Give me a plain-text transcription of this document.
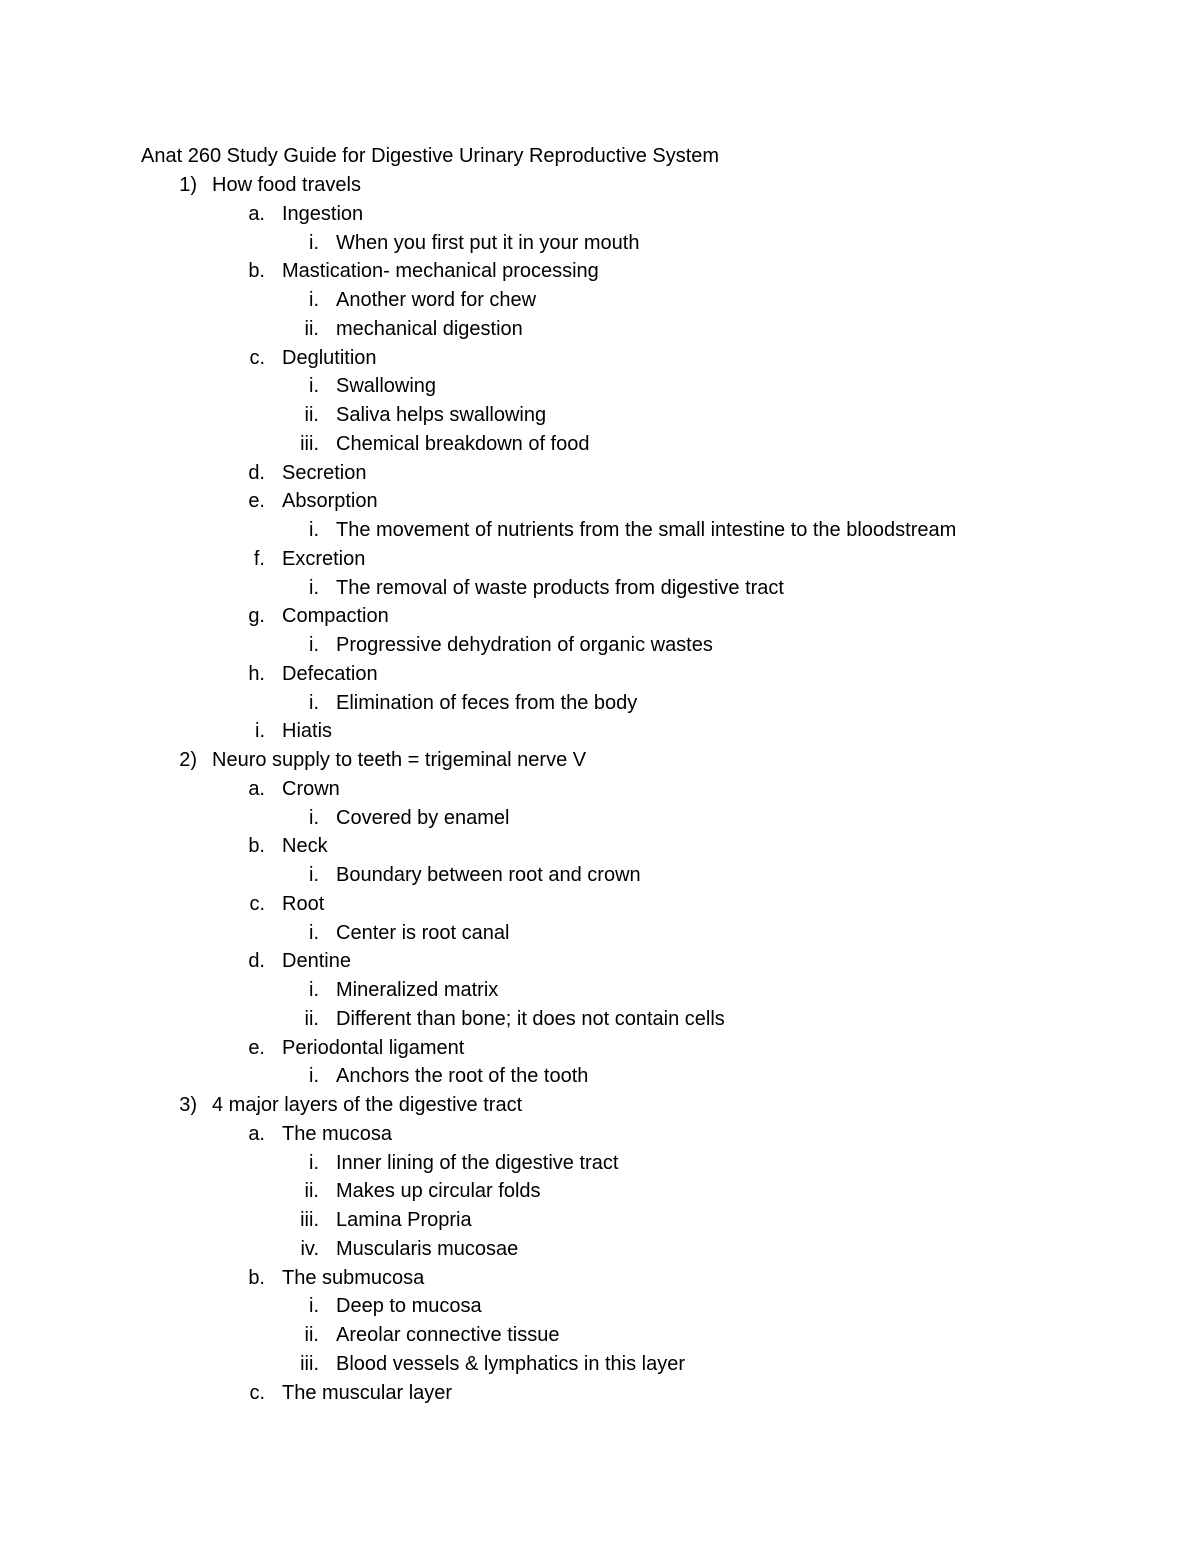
Anat 260 Study Guide for Digestive Urinary Reproductive System
1) How food travels
a. Ingestion
i. When you first put it in your mouth
b. Mastication- mechanical processing
i. Another word for chew
ii. mechanical digestion
c. Deglutition
i. Swallowing
ii. Saliva helps swallowing
iii. Chemical breakdown of food
d. Secretion
e. Absorption
i. The movement of nutrients from the small intestine to the bloodstream
f. Excretion
i. The removal of waste products from digestive tract
g. Compaction
i. Progressive dehydration of organic wastes
h. Defecation
i. Elimination of feces from the body
i. Hiatis
2) Neuro supply to teeth = trigeminal nerve V
a. Crown
i. Covered by enamel
b. Neck
i. Boundary between root and crown
c. Root
i. Center is root canal
d. Dentine
i. Mineralized matrix
ii. Different than bone; it does not contain cells
e. Periodontal ligament
i. Anchors the root of the tooth
3) 4 major layers of the digestive tract
a. The mucosa
i. Inner lining of the digestive tract
ii. Makes up circular folds
iii. Lamina Propria
iv. Muscularis mucosae
b. The submucosa
i. Deep to mucosa
ii. Areolar connective tissue
iii. Blood vessels & lymphatics in this layer
c. The muscular layer
